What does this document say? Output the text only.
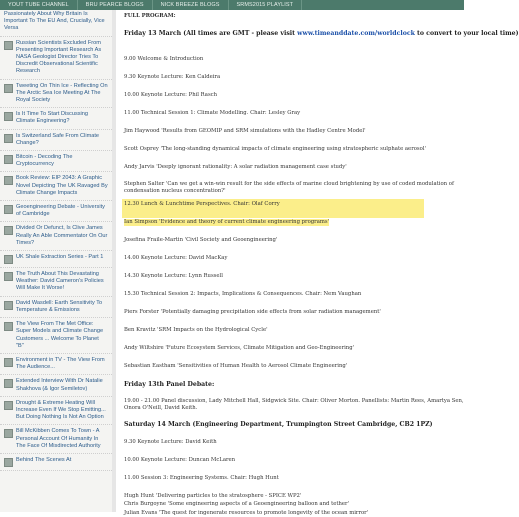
YOUT TUBE CHANNEL	BRU PEARCE BLOGS	NICK BREEZE BLOGS	SRMS2015 PLAYLIST
Passionately About Why Britain Is Important To The EU And, Crucially, Vice Versa
Russian Scientists Excluded From Presenting Important Research As NASA Geologist Director Tries To Discredit Observational Scientific Research
Tweeting On Thin Ice - Reflecting On The Arctic Sea Ice Meeting At The Royal Society
Is It Time To Start Discussing Climate Engineering?
Is Switzerland Safe From Climate Change?
Bitcoin - Decoding The Cryptocurrency
Book Review: EIP 2043: A Graphic Novel Depicting The UK Ravaged By Climate Change Impacts
Geoengineering Debate - University of Cambridge
Divided Or Defunct, Is Clive James Really An Able Commentator On Our Times?
UK Shale Extraction Series - Part 1
The Truth About This Devastating Weather: David Cameron's Policies Will Make It Worse!
David Wasdell: Earth Sensitivity To Temperature & Emissions
The View From The Met Office: Super Models and Climate Change Customers ... Welcome To Planet "B"
Environment in TV - The View From The Audience...
Extended Interview With Dr Natalie Shakhova (& Igor Semiletov)
Drought & Extreme Heating Will Increase Even If We Stop Emitting... But Doing Nothing Is Not An Option
Bill McKibben Comes To Town - A Personal Account Of Humanity In The Face Of Misdirected Authority
Behind The Scenes At
FULL PROGRAM:
Friday 13 March (All times are GMT - please visit www.timeanddate.com/worldclock to convert to your local time)
9.00 Welcome & Introduction
9.30 Keynote Lecture: Ken Caldeira
10.00 Keynote Lecture: Phil Rasch
11.00 Technical Session 1: Climate Modelling. Chair: Lesley Gray
Jim Haywood 'Results from GEOMIP and SRM simulations with the Hadley Centre Model'
Scott Osprey 'The long-standing dynamical impacts of climate engineering using stratospheric sulphate aerosol'
Andy Jarvis 'Deeply ignorant rationality: A solar radiation management case study'
Stephen Salter 'Can we get a win-win result for the side effects of marine cloud brightening by use of coded modulation of
condensation nucleus concentration?'
12.30 Lunch & Lunchtime Perspectives. Chair: Olaf Corry
Ian Simpson 'Evidence and theory of current climate engineering programs'
Josefina Fraile-Martin 'Civil Society and Geoengineering'
14.00 Keynote Lecture: David MacKay
14.30 Keynote Lecture: Lynn Russell
15.30 Technical Session 2: Impacts, Implications & Consequences. Chair: Nem Vaughan
Piers Forster 'Potentially damaging precipitation side effects from solar radiation management'
Ben Kravitz 'SRM Impacts on the Hydrological Cycle'
Andy Wiltshire 'Future Ecosystem Services, Climate Mitigation and Geo-Engineering'
Sebastian Eastham 'Sensitivities of Human Health to Aerosol Climate Engineering'
Friday 13th Panel Debate:
19.00 - 21.00 Panel discussion, Lady Mitchell Hall, Sidgwick Site. Chair: Oliver Morton. Panellists: Martin Rees, Amartya Sen,
Onora O'Neill, David Keith.
Saturday 14 March (Engineering Department, Trumpington Street Cambridge, CB2 1PZ)
9.30 Keynote Lecture: David Keith
10.00 Keynote Lecture: Duncan McLaren
11.00 Session 3: Engineering Systems. Chair: Hugh Hunt
Hugh Hunt 'Delivering particles to the stratosphere - SPICE WP2'
Chris Burgoyne 'Some engineering aspects of a Geoengineering balloon and tether'
Julian Evans 'The quest for ingenerate resources to promote longevity of the ocean mirror'
